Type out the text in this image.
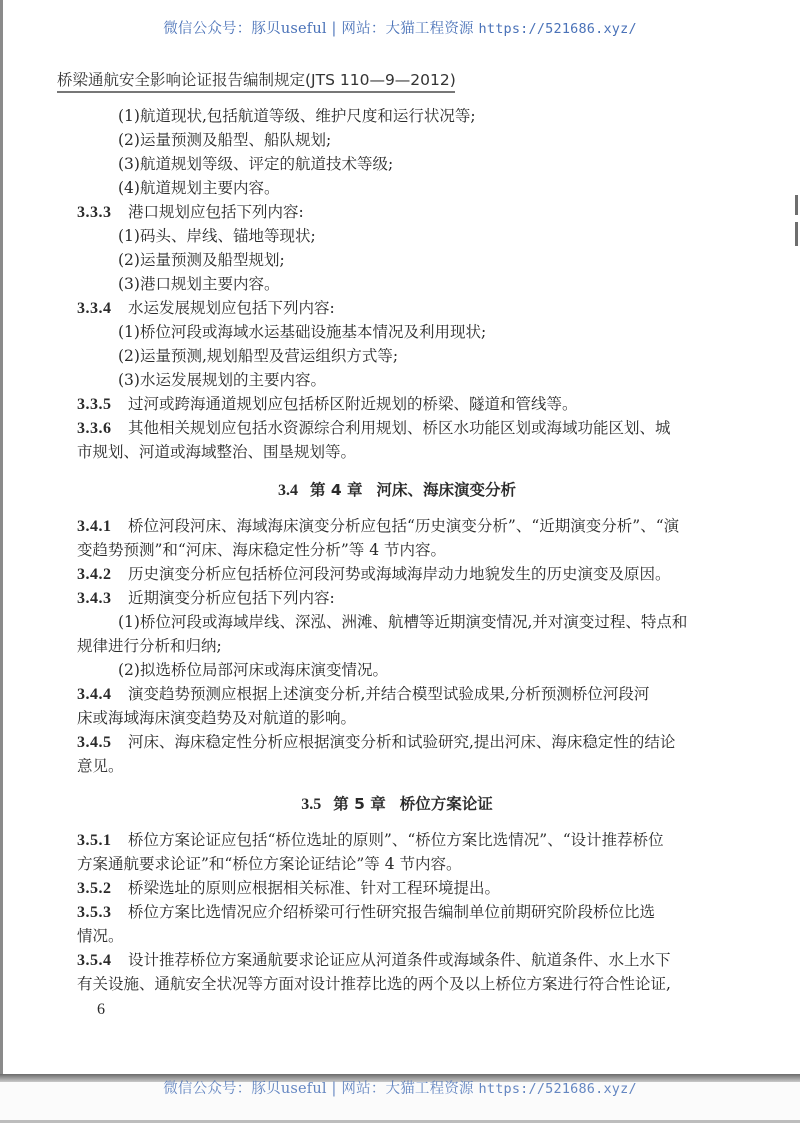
微信公众号：豚贝useful | 网站：大猫工程资源 https://521686.xyz/
桥梁通航安全影响论证报告编制规定(JTS 110—9—2012)
(1)航道现状,包括航道等级、维护尺度和运行状况等;
(2)运量预测及船型、船队规划;
(3)航道规划等级、评定的航道技术等级;
(4)航道规划主要内容。
3.3.3 港口规划应包括下列内容:
(1)码头、岸线、锚地等现状;
(2)运量预测及船型规划;
(3)港口规划主要内容。
3.3.4 水运发展规划应包括下列内容:
(1)桥位河段或海域水运基础设施基本情况及利用现状;
(2)运量预测,规划船型及营运组织方式等;
(3)水运发展规划的主要内容。
3.3.5 过河或跨海通道规划应包括桥区附近规划的桥梁、隧道和管线等。
3.3.6 其他相关规划应包括水资源综合利用规划、桥区水功能区划或海域功能区划、城
市规划、河道或海域整治、围垦规划等。
3.4 第 4 章 河床、海床演变分析
3.4.1 桥位河段河床、海域海床演变分析应包括“历史演变分析”、“近期演变分析”、“演
变趋势预测”和“河床、海床稳定性分析”等 4 节内容。
3.4.2 历史演变分析应包括桥位河段河势或海域海岸动力地貌发生的历史演变及原因。
3.4.3 近期演变分析应包括下列内容:
(1)桥位河段或海域岸线、深泓、洲滩、航槽等近期演变情况,并对演变过程、特点和
规律进行分析和归纳;
(2)拟选桥位局部河床或海床演变情况。
3.4.4 演变趋势预测应根据上述演变分析,并结合模型试验成果,分析预测桥位河段河
床或海域海床演变趋势及对航道的影响。
3.4.5 河床、海床稳定性分析应根据演变分析和试验研究,提出河床、海床稳定性的结论
意见。
3.5 第 5 章 桥位方案论证
3.5.1 桥位方案论证应包括“桥位选址的原则”、“桥位方案比选情况”、“设计推荐桥位
方案通航要求论证”和“桥位方案论证结论”等 4 节内容。
3.5.2 桥梁选址的原则应根据相关标准、针对工程环境提出。
3.5.3 桥位方案比选情况应介绍桥梁可行性研究报告编制单位前期研究阶段桥位比选
情况。
3.5.4 设计推荐桥位方案通航要求论证应从河道条件或海域条件、航道条件、水上水下
有关设施、通航安全状况等方面对设计推荐比选的两个及以上桥位方案进行符合性论证,
6
微信公众号：豚贝useful | 网站：大猫工程资源 https://521686.xyz/
